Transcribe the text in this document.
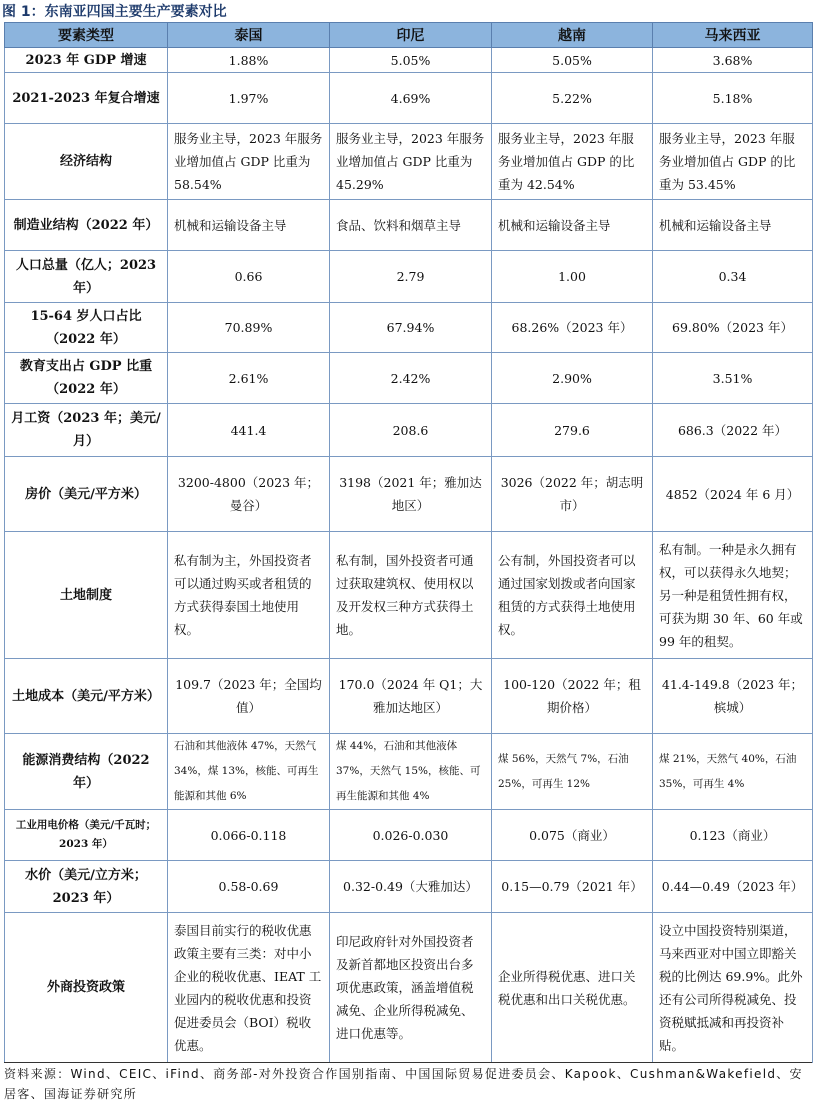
图 1：东南亚四国主要生产要素对比
要素类型	泰国	印尼	越南	马来西亚
2023 年 GDP 增速	1.88%	5.05%	5.05%	3.68%
2021-2023 年复合增速	1.97%	4.69%	5.22%	5.18%
经济结构	服务业主导，2023 年服务业增加值占 GDP 比重为 58.54%	服务业主导，2023 年服务业增加值占 GDP 比重为 45.29%	服务业主导，2023 年服务业增加值占 GDP 的比重为 42.54%	服务业主导，2023 年服务业增加值占 GDP 的比重为 53.45%
制造业结构（2022 年）	机械和运输设备主导	食品、饮料和烟草主导	机械和运输设备主导	机械和运输设备主导
人口总量（亿人；2023 年）	0.66	2.79	1.00	0.34
15-64 岁人口占比（2022 年）	70.89%	67.94%	68.26%（2023 年）	69.80%（2023 年）
教育支出占 GDP 比重（2022 年）	2.61%	2.42%	2.90%	3.51%
月工资（2023 年；美元/月）	441.4	208.6	279.6	686.3（2022 年）
房价（美元/平方米）	3200-4800（2023 年；曼谷）	3198（2021 年；雅加达地区）	3026（2022 年；胡志明市）	4852（2024 年 6 月）
土地制度	私有制为主，外国投资者可以通过购买或者租赁的方式获得泰国土地使用权。	私有制，国外投资者可通过获取建筑权、使用权以及开发权三种方式获得土地。	公有制，外国投资者可以通过国家划拨或者向国家租赁的方式获得土地使用权。	私有制。一种是永久拥有权，可以获得永久地契；另一种是租赁性拥有权，可获为期 30 年、60 年或 99 年的租契。
土地成本（美元/平方米）	109.7（2023 年；全国均值）	170.0（2024 年 Q1；大雅加达地区）	100-120（2022 年；租期价格）	41.4-149.8（2023 年；槟城）
能源消费结构（2022 年）	石油和其他液体 47%，天然气 34%，煤 13%，核能、可再生能源和其他 6%	煤 44%，石油和其他液体 37%，天然气 15%，核能、可再生能源和其他 4%	煤 56%，天然气 7%，石油 25%，可再生 12%	煤 21%，天然气 40%，石油 35%，可再生 4%
工业用电价格（美元/千瓦时；2023 年）	0.066-0.118	0.026-0.030	0.075（商业）	0.123（商业）
水价（美元/立方米；2023 年）	0.58-0.69	0.32-0.49（大雅加达）	0.15—0.79（2021 年）	0.44—0.49（2023 年）
外商投资政策	泰国目前实行的税收优惠政策主要有三类：对中小企业的税收优惠、IEAT 工业园内的税收优惠和投资促进委员会（BOI）税收优惠。	印尼政府针对外国投资者及新首都地区投资出台多项优惠政策，涵盖增值税减免、企业所得税减免、进口优惠等。	企业所得税优惠、进口关税优惠和出口关税优惠。	设立中国投资特别渠道，马来西亚对中国立即豁关税的比例达 69.9%。此外还有公司所得税减免、投资税赋抵减和再投资补贴。
资料来源：Wind、CEIC、iFind、商务部-对外投资合作国别指南、中国国际贸易促进委员会、Kapook、Cushman&Wakefield、安居客、国海证券研究所
